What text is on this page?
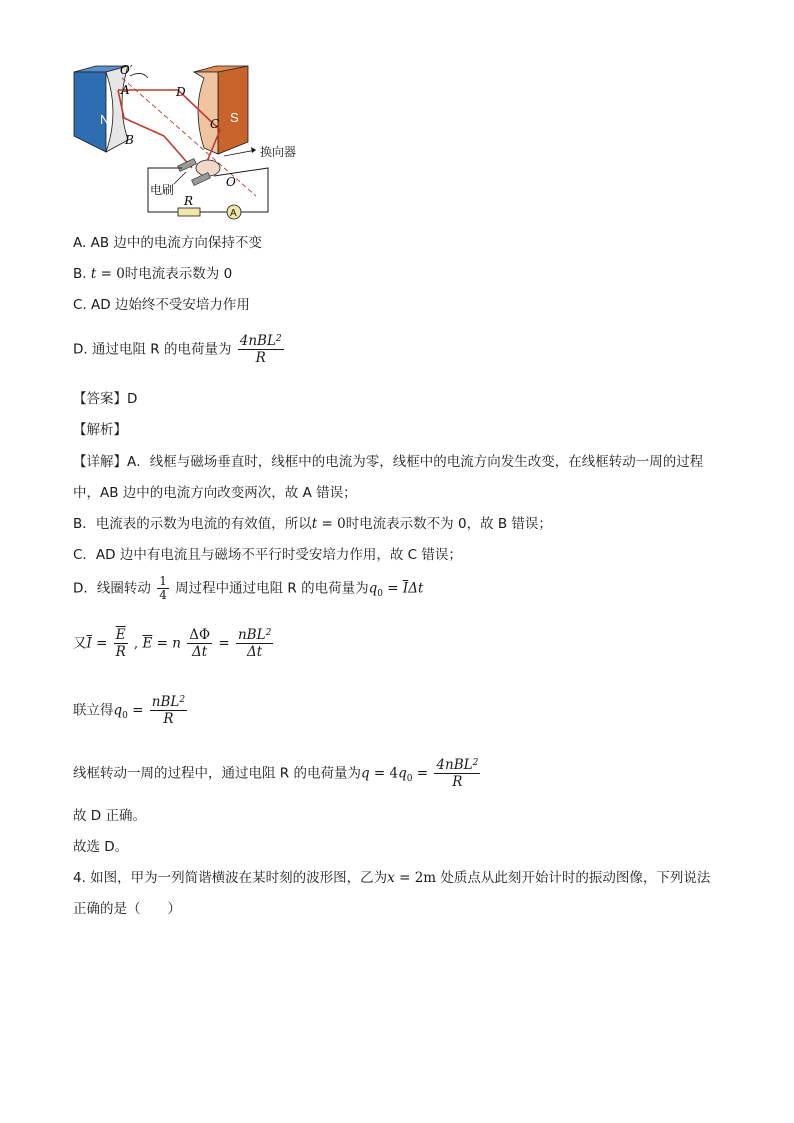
O′
A
B
C
D
O
N	S
R
A
换向器
电刷
A. AB 边中的电流方向保持不变
B. t = 0时电流表示数为 0
C. AD 边始终不受安培力作用
D. 通过电阻 R 的电荷量为 $\frac{4nBL^2}{R}$
【答案】D
【解析】
【详解】A．线框与磁场垂直时，线框中的电流为零，线框中的电流方向发生改变，在线框转动一周的过程
中，AB 边中的电流方向改变两次，故 A 错误；
B．电流表的示数为电流的有效值，所以t = 0时电流表示数不为 0，故 B 错误；
C．AD 边中有电流且与磁场不平行时受安培力作用，故 C 错误；
D．线圈转动 $\frac{1}{4}$ 周过程中通过电阻 R 的电荷量为$q_0 = \overline{I}\Delta t$
又$\overline{I} = \frac{\overline{E}}{R}$ , $\overline{E} = n \frac{\Delta\Phi}{\Delta t} = \frac{nBL^2}{\Delta t}$
联立得$q_0 = \frac{nBL^2}{R}$
线框转动一周的过程中，通过电阻 R 的电荷量为$q = 4q_0 = \frac{4nBL^2}{R}$
故 D 正确。
故选 D。
4. 如图，甲为一列简谐横波在某时刻的波形图，乙为x = 2m 处质点从此刻开始计时的振动图像，下列说法
正确的是（　　）
